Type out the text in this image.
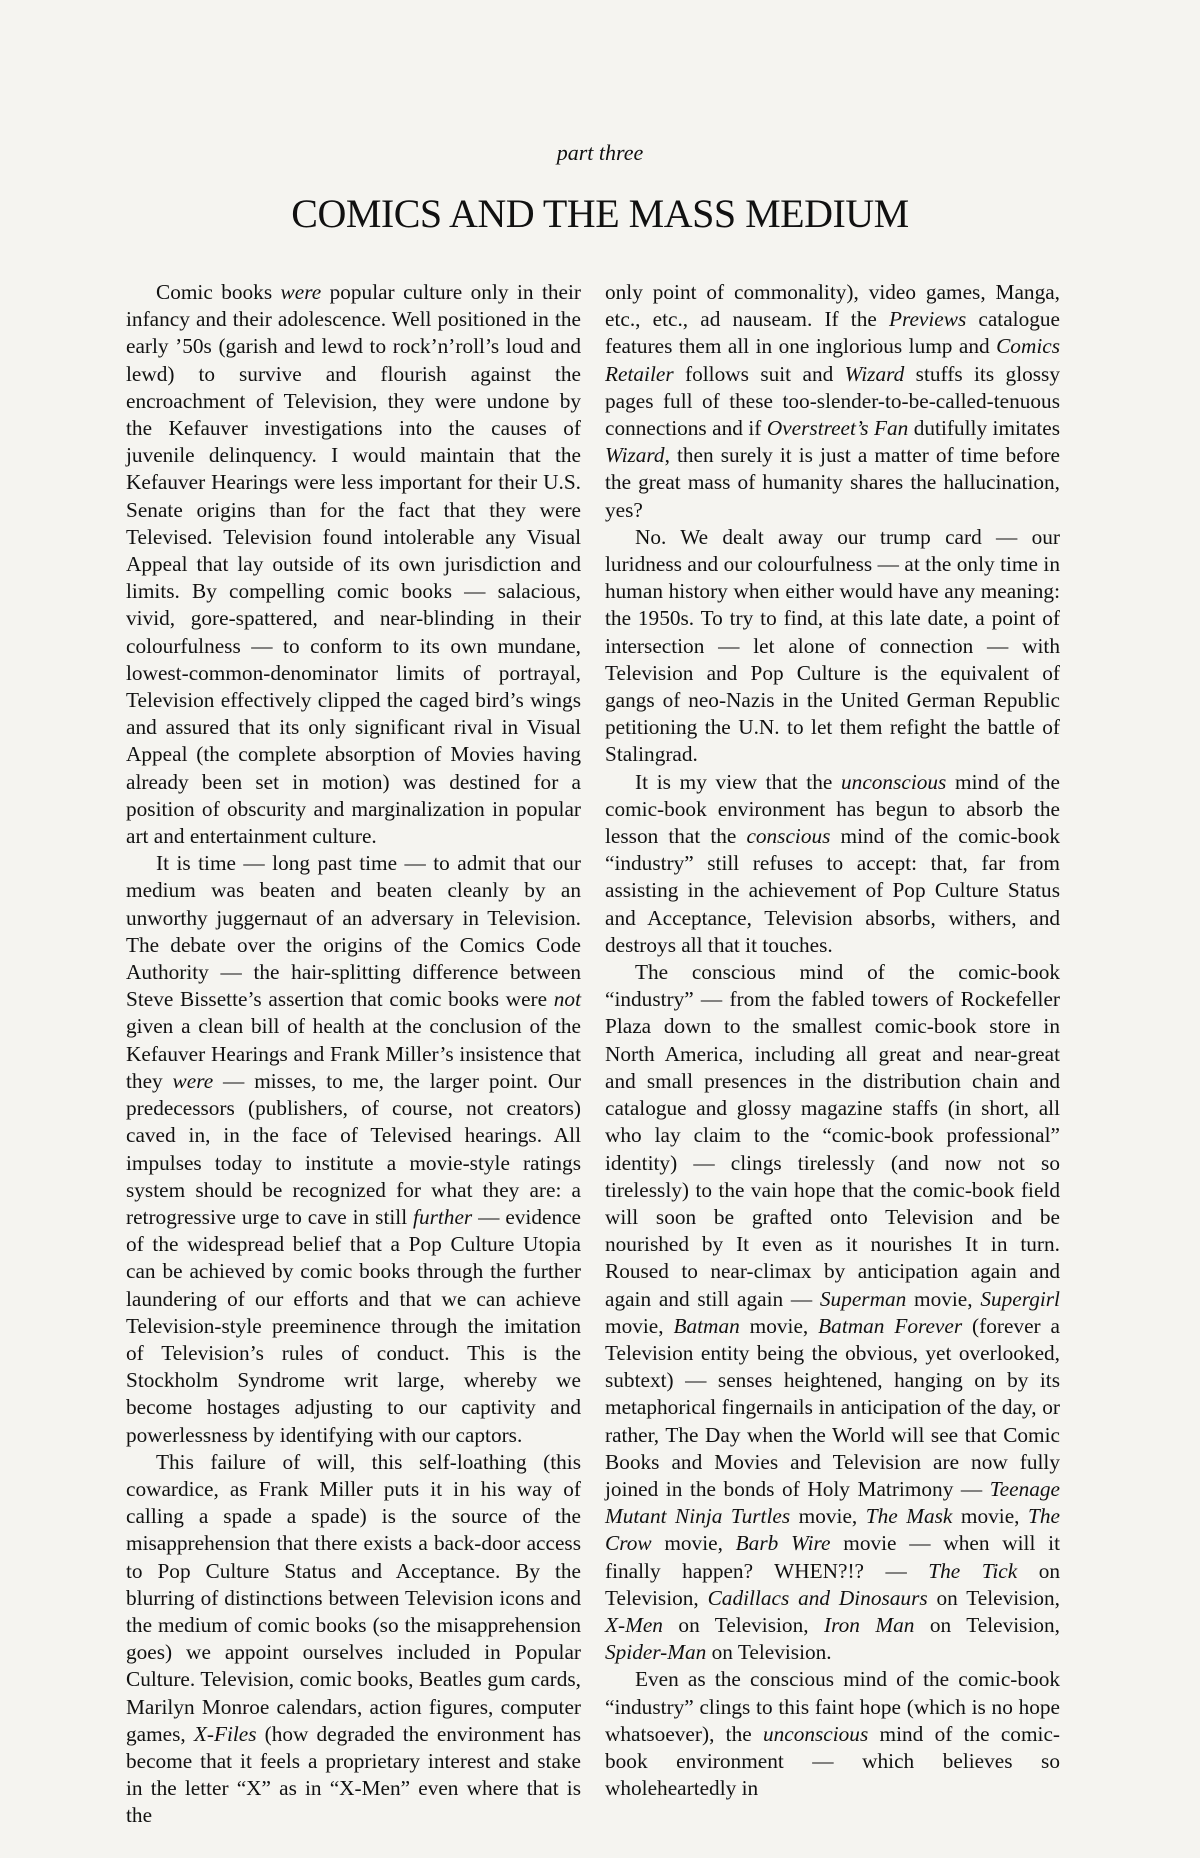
part three

COMICS AND THE MASS MEDIUM

Comic books were popular culture only in their infancy and their adolescence. Well positioned in the early ’50s (garish and lewd to rock’n’roll’s loud and lewd) to survive and flourish against the encroachment of Television, they were undone by the Kefauver investigations into the causes of juvenile delinquency. I would maintain that the Kefauver Hearings were less important for their U.S. Senate origins than for the fact that they were Televised. Television found intolerable any Visual Appeal that lay outside of its own jurisdiction and limits. By compelling comic books — salacious, vivid, gore-spattered, and near-blinding in their colourfulness — to conform to its own mundane, lowest-common-denominator limits of portrayal, Television effectively clipped the caged bird’s wings and assured that its only significant rival in Visual Appeal (the complete absorption of Movies having already been set in motion) was destined for a position of obscurity and marginalization in popular art and entertainment culture.

It is time — long past time — to admit that our medium was beaten and beaten cleanly by an unworthy juggernaut of an adversary in Television. The debate over the origins of the Comics Code Authority — the hair-splitting difference between Steve Bissette’s assertion that comic books were not given a clean bill of health at the conclusion of the Kefauver Hearings and Frank Miller’s insistence that they were — misses, to me, the larger point. Our predecessors (publishers, of course, not creators) caved in, in the face of Televised hearings. All impulses today to institute a movie-style ratings system should be recognized for what they are: a retrogressive urge to cave in still further — evidence of the widespread belief that a Pop Culture Utopia can be achieved by comic books through the further laundering of our efforts and that we can achieve Television-style preeminence through the imitation of Television’s rules of conduct. This is the Stockholm Syndrome writ large, whereby we become hostages adjusting to our captivity and powerlessness by identifying with our captors.

This failure of will, this self-loathing (this cowardice, as Frank Miller puts it in his way of calling a spade a spade) is the source of the misapprehension that there exists a back-door access to Pop Culture Status and Acceptance. By the blurring of distinctions between Television icons and the medium of comic books (so the misapprehension goes) we appoint ourselves included in Popular Culture. Television, comic books, Beatles gum cards, Marilyn Monroe calendars, action figures, computer games, X-Files (how degraded the environment has become that it feels a proprietary interest and stake in the letter “X” as in “X-Men” even where that is the

only point of commonality), video games, Manga, etc., etc., ad nauseam. If the Previews catalogue features them all in one inglorious lump and Comics Retailer follows suit and Wizard stuffs its glossy pages full of these too-slender-to-be-called-tenuous connections and if Overstreet’s Fan dutifully imitates Wizard, then surely it is just a matter of time before the great mass of humanity shares the hallucination, yes?

No. We dealt away our trump card — our luridness and our colourfulness — at the only time in human history when either would have any meaning: the 1950s. To try to find, at this late date, a point of intersection — let alone of connection — with Television and Pop Culture is the equivalent of gangs of neo-Nazis in the United German Republic petitioning the U.N. to let them refight the battle of Stalingrad.

It is my view that the unconscious mind of the comic-book environment has begun to absorb the lesson that the conscious mind of the comic-book “industry” still refuses to accept: that, far from assisting in the achievement of Pop Culture Status and Acceptance, Television absorbs, withers, and destroys all that it touches.

The conscious mind of the comic-book “industry” — from the fabled towers of Rockefeller Plaza down to the smallest comic-book store in North America, including all great and near-great and small presences in the distribution chain and catalogue and glossy magazine staffs (in short, all who lay claim to the “comic-book professional” identity) — clings tirelessly (and now not so tirelessly) to the vain hope that the comic-book field will soon be grafted onto Television and be nourished by It even as it nourishes It in turn. Roused to near-climax by anticipation again and again and still again — Superman movie, Supergirl movie, Batman movie, Batman Forever (forever a Television entity being the obvious, yet overlooked, subtext) — senses heightened, hanging on by its metaphorical fingernails in anticipation of the day, or rather, The Day when the World will see that Comic Books and Movies and Television are now fully joined in the bonds of Holy Matrimony — Teenage Mutant Ninja Turtles movie, The Mask movie, The Crow movie, Barb Wire movie — when will it finally happen? WHEN?!? — The Tick on Television, Cadillacs and Dinosaurs on Television, X-Men on Television, Iron Man on Television, Spider-Man on Television.

Even as the conscious mind of the comic-book “industry” clings to this faint hope (which is no hope whatsoever), the unconscious mind of the comic-book environment — which believes so wholeheartedly in
